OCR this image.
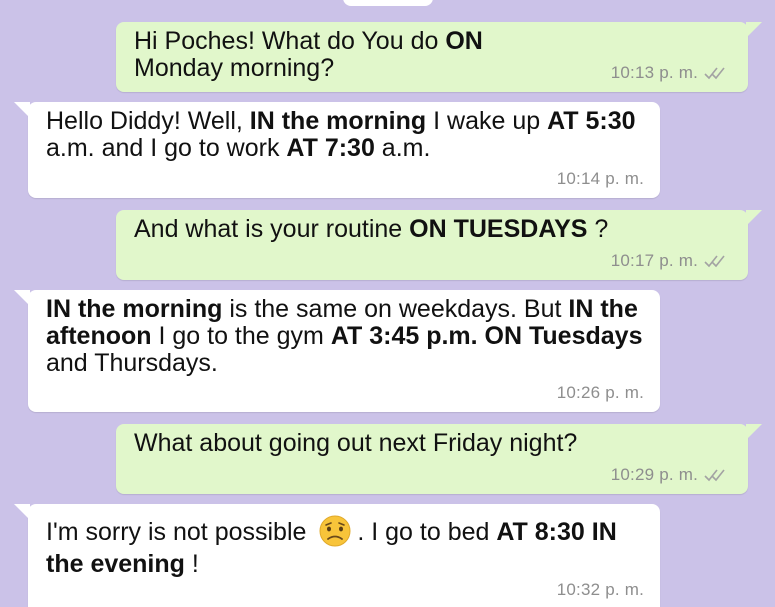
Hi Poches! What do You do ON
Monday morning?	10:13 p. m.
Hello Diddy! Well, IN the morning I wake up AT 5:30 a.m. and I go to work AT 7:30 a.m.
10:14 p. m.
And what is your routine ON TUESDAYS ?
10:17 p. m.
IN the morning is the same on weekdays. But IN the aftenoon I go to the gym AT 3:45 p.m. ON Tuesdays and Thursdays.
10:26 p. m.
What about going out next Friday night?
10:29 p. m.
I'm sorry is not possible . I go to bed AT 8:30 IN the evening !
10:32 p. m.
